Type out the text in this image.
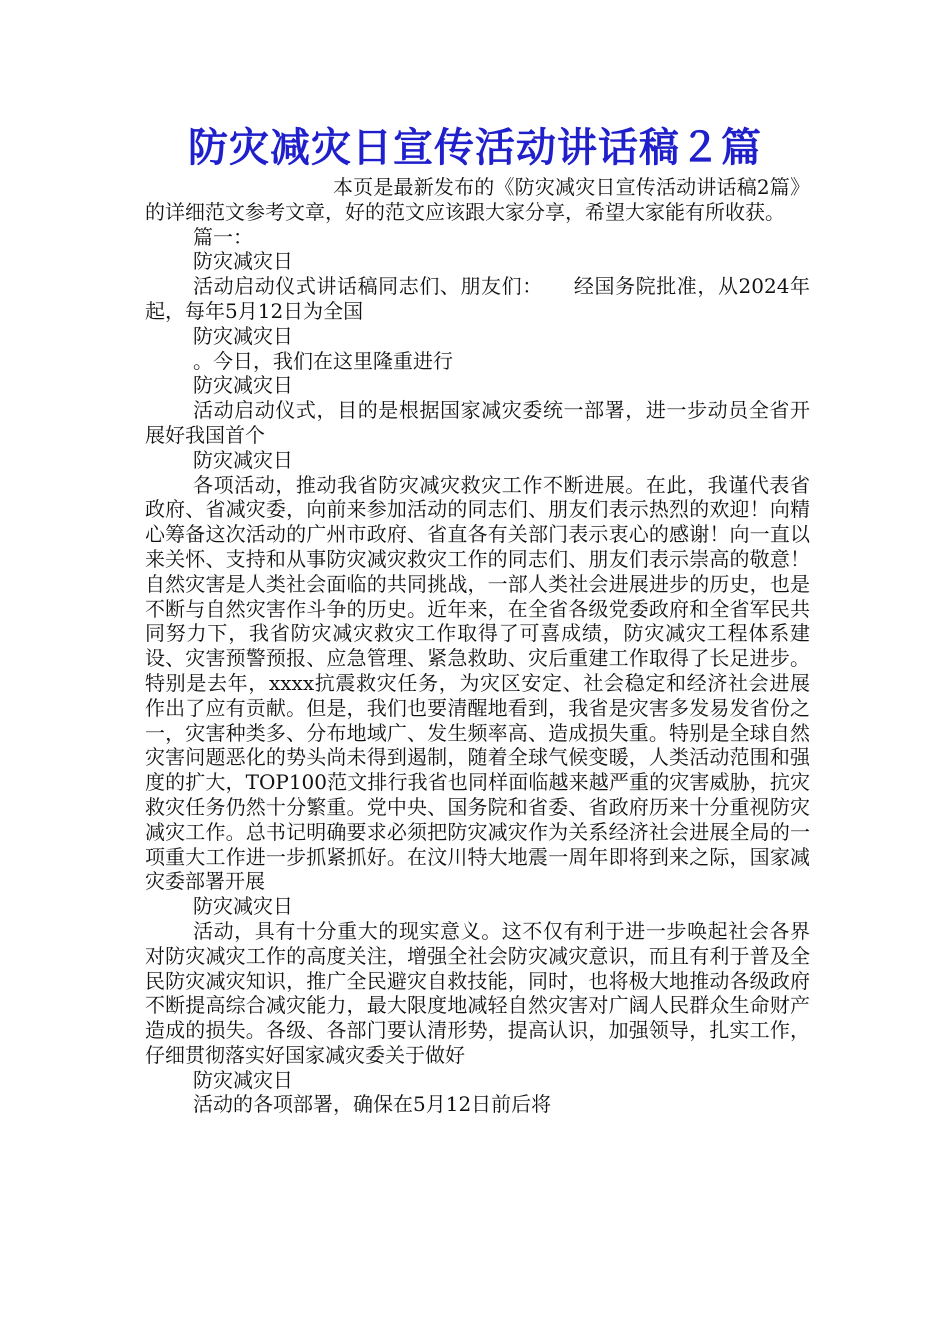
防灾减灾日宣传活动讲话稿２篇

本页是最新发布的《防灾减灾日宣传活动讲话稿2篇》的详细范文参考文章，好的范文应该跟大家分享，希望大家能有所收获。

篇一：

防灾减灾日

活动启动仪式讲话稿同志们、朋友们：　　经国务院批准，从2024年起，每年5月12日为全国

防灾减灾日

。今日，我们在这里隆重进行

防灾减灾日

活动启动仪式，目的是根据国家减灾委统一部署，进一步动员全省开展好我国首个

防灾减灾日

各项活动，推动我省防灾减灾救灾工作不断进展。在此，我谨代表省政府、省减灾委，向前来参加活动的同志们、朋友们表示热烈的欢迎！向精心筹备这次活动的广州市政府、省直各有关部门表示衷心的感谢！向一直以来关怀、支持和从事防灾减灾救灾工作的同志们、朋友们表示崇高的敬意！自然灾害是人类社会面临的共同挑战，一部人类社会进展进步的历史，也是不断与自然灾害作斗争的历史。近年来，在全省各级党委政府和全省军民共同努力下，我省防灾减灾救灾工作取得了可喜成绩，防灾减灾工程体系建设、灾害预警预报、应急管理、紧急救助、灾后重建工作取得了长足进步。特别是去年，xxxx抗震救灾任务，为灾区安定、社会稳定和经济社会进展作出了应有贡献。但是，我们也要清醒地看到，我省是灾害多发易发省份之一，灾害种类多、分布地域广、发生频率高、造成损失重。特别是全球自然灾害问题恶化的势头尚未得到遏制，随着全球气候变暖，人类活动范围和强度的扩大，TOP100范文排行我省也同样面临越来越严重的灾害威胁，抗灾救灾任务仍然十分繁重。党中央、国务院和省委、省政府历来十分重视防灾减灾工作。总书记明确要求必须把防灾减灾作为关系经济社会进展全局的一项重大工作进一步抓紧抓好。在汶川特大地震一周年即将到来之际，国家减灾委部署开展

防灾减灾日

活动，具有十分重大的现实意义。这不仅有利于进一步唤起社会各界对防灾减灾工作的高度关注，增强全社会防灾减灾意识，而且有利于普及全民防灾减灾知识，推广全民避灾自救技能，同时，也将极大地推动各级政府不断提高综合减灾能力，最大限度地减轻自然灾害对广阔人民群众生命财产造成的损失。各级、各部门要认清形势，提高认识，加强领导，扎实工作，仔细贯彻落实好国家减灾委关于做好

防灾减灾日

活动的各项部署，确保在5月12日前后将
